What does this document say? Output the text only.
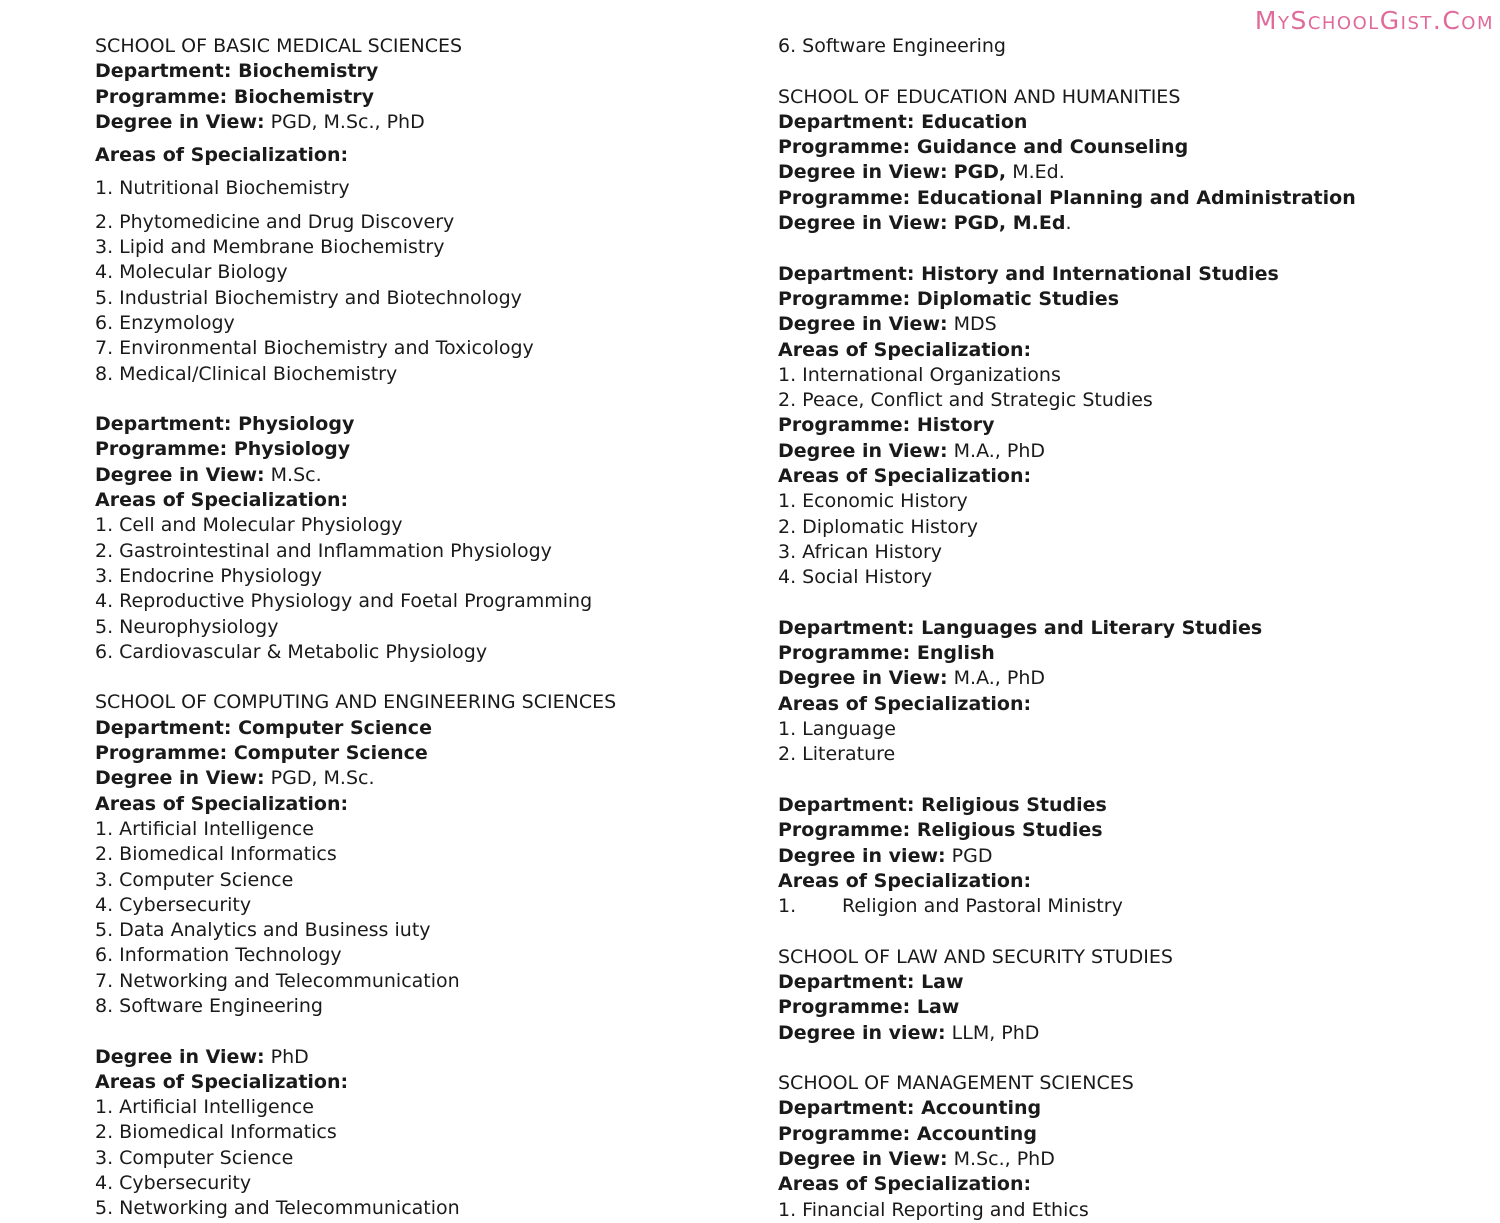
MySchoolGist.Com
SCHOOL OF BASIC MEDICAL SCIENCES
Department: Biochemistry
Programme: Biochemistry
Degree in View: PGD, M.Sc., PhD
Areas of Specialization:
1. Nutritional Biochemistry
2. Phytomedicine and Drug Discovery
3. Lipid and Membrane Biochemistry
4. Molecular Biology
5. Industrial Biochemistry and Biotechnology
6. Enzymology
7. Environmental Biochemistry and Toxicology
8. Medical/Clinical Biochemistry
Department: Physiology
Programme: Physiology
Degree in View: M.Sc.
Areas of Specialization:
1. Cell and Molecular Physiology
2. Gastrointestinal and Inflammation Physiology
3. Endocrine Physiology
4. Reproductive Physiology and Foetal Programming
5. Neurophysiology
6. Cardiovascular & Metabolic Physiology
SCHOOL OF COMPUTING AND ENGINEERING SCIENCES
Department: Computer Science
Programme: Computer Science
Degree in View: PGD, M.Sc.
Areas of Specialization:
1. Artificial Intelligence
2. Biomedical Informatics
3. Computer Science
4. Cybersecurity
5. Data Analytics and Business iuty
6. Information Technology
7. Networking and Telecommunication
8. Software Engineering
Degree in View: PhD
Areas of Specialization:
1. Artificial Intelligence
2. Biomedical Informatics
3. Computer Science
4. Cybersecurity
5. Networking and Telecommunication
6. Software Engineering
SCHOOL OF EDUCATION AND HUMANITIES
Department: Education
Programme: Guidance and Counseling
Degree in View: PGD, M.Ed.
Programme: Educational Planning and Administration
Degree in View: PGD, M.Ed.
Department: History and International Studies
Programme: Diplomatic Studies
Degree in View: MDS
Areas of Specialization:
1. International Organizations
2. Peace, Conflict and Strategic Studies
Programme: History
Degree in View: M.A., PhD
Areas of Specialization:
1. Economic History
2. Diplomatic History
3. African History
4. Social History
Department: Languages and Literary Studies
Programme: English
Degree in View: M.A., PhD
Areas of Specialization:
1. Language
2. Literature
Department: Religious Studies
Programme: Religious Studies
Degree in view: PGD
Areas of Specialization:
1. Religion and Pastoral Ministry
SCHOOL OF LAW AND SECURITY STUDIES
Department: Law
Programme: Law
Degree in view: LLM, PhD
SCHOOL OF MANAGEMENT SCIENCES
Department: Accounting
Programme: Accounting
Degree in View: M.Sc., PhD
Areas of Specialization:
1. Financial Reporting and Ethics
